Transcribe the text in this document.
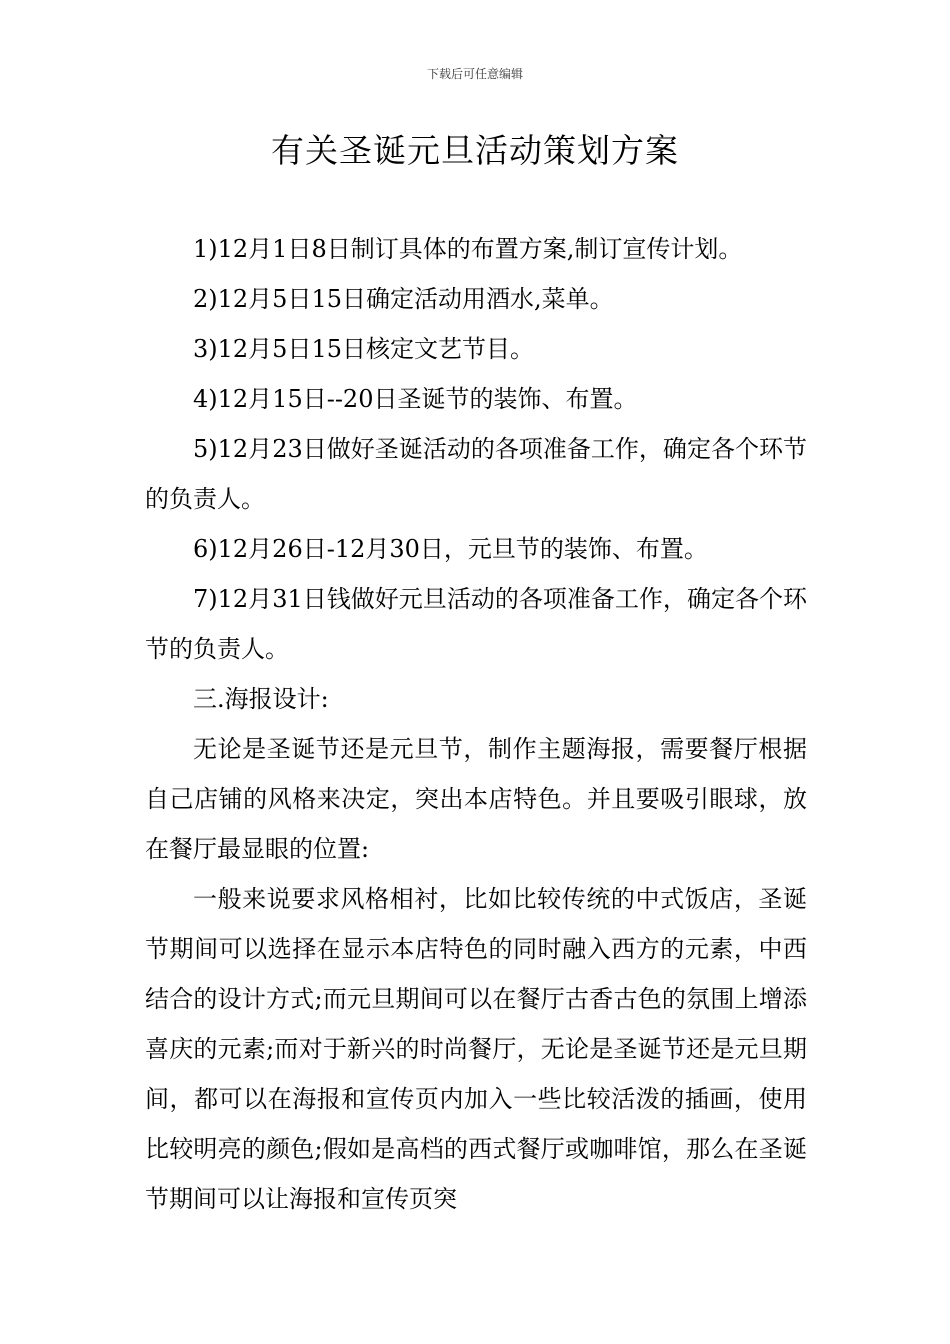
下载后可任意编辑
有关圣诞元旦活动策划方案

1)12月1日8日制订具体的布置方案,制订宣传计划。

2)12月5日15日确定活动用酒水,菜单。

3)12月5日15日核定文艺节目。

4)12月15日--20日圣诞节的装饰、布置。

5)12月23日做好圣诞活动的各项准备工作，确定各个环节的负责人。

6)12月26日-12月30日，元旦节的装饰、布置。

7)12月31日钱做好元旦活动的各项准备工作，确定各个环节的负责人。

三.海报设计:

无论是圣诞节还是元旦节，制作主题海报，需要餐厅根据自己店铺的风格来决定，突出本店特色。并且要吸引眼球，放在餐厅最显眼的位置:

一般来说要求风格相衬，比如比较传统的中式饭店，圣诞节期间可以选择在显示本店特色的同时融入西方的元素，中西结合的设计方式;而元旦期间可以在餐厅古香古色的氛围上增添喜庆的元素;而对于新兴的时尚餐厅，无论是圣诞节还是元旦期间，都可以在海报和宣传页内加入一些比较活泼的插画，使用比较明亮的颜色;假如是高档的西式餐厅或咖啡馆，那么在圣诞节期间可以让海报和宣传页突
